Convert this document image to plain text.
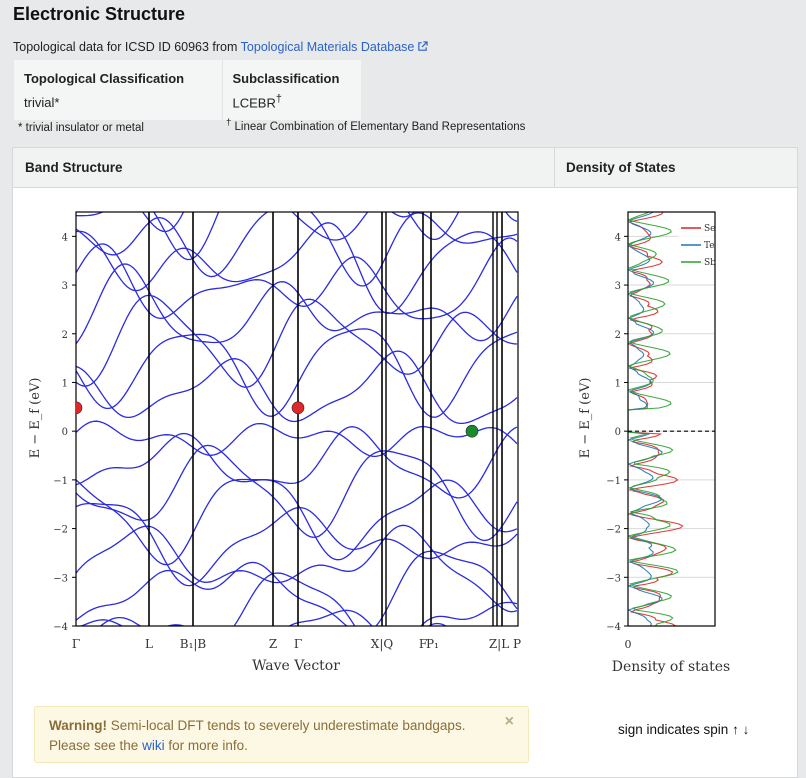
Electronic Structure
Topological data for ICSD ID 60963 from Topological Materials Database
Topological Classification	Subclassification
trivial*	LCEBR†
* trivial insulator or metal	† Linear Combination of Elementary Band Representations
Band Structure	Density of States
−4
−3
−2
−1
0
1
2
3
4
Γ	L B₁|B	Z Γ	X|Q F
P₁	Z|L P
Wave Vector
E − E_f (eV)
−4
−3
−2
−1
0
1
2
3
4
Se
Te
Sb
0
Density of states
E − E_f (eV)
Warning! Semi-local DFT tends to severely underestimate bandgaps.
Please see the wiki for more info.
×	sign indicates spin ↑ ↓
